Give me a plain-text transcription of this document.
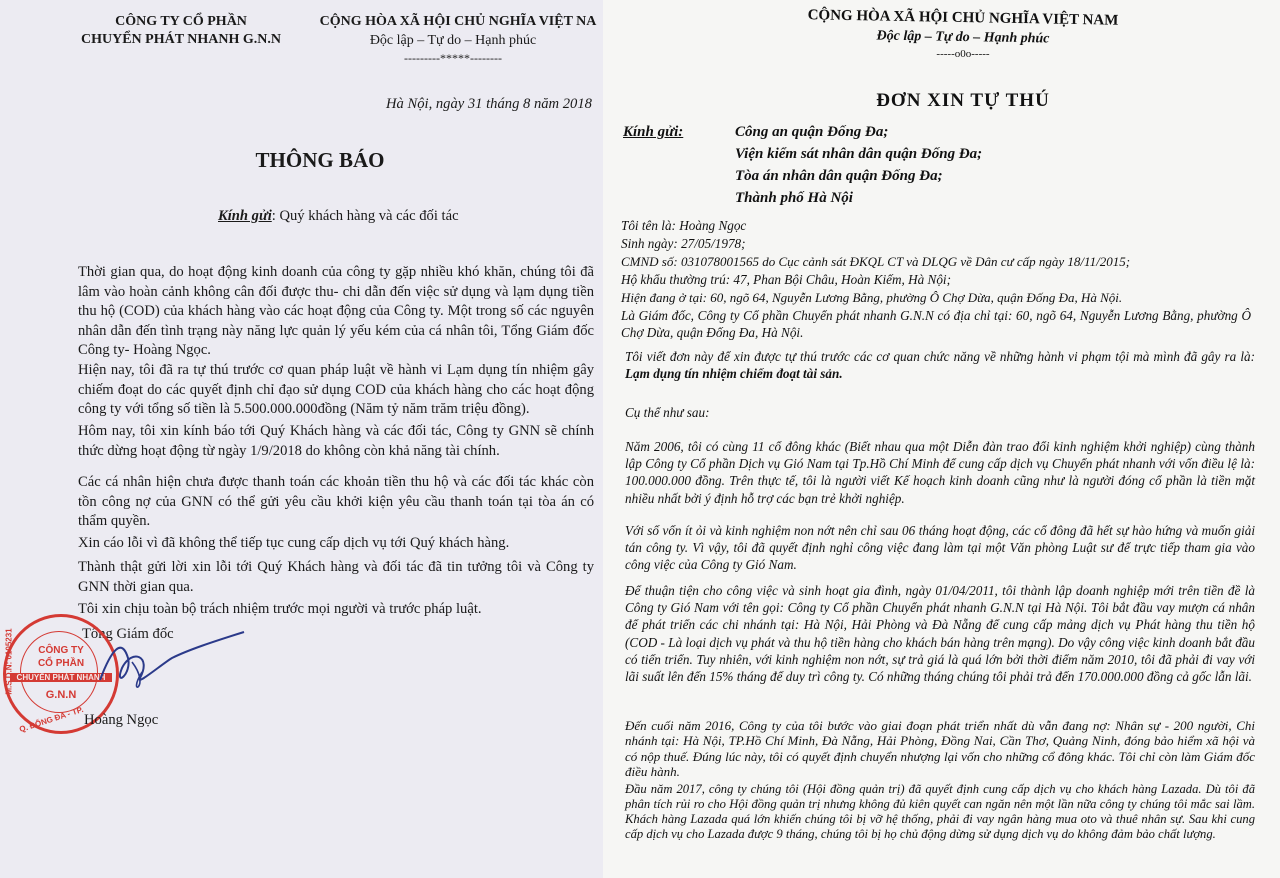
CÔNG TY CỔ PHẦN
CHUYỂN PHÁT NHANH G.N.N
CỘNG HÒA XÃ HỘI CHỦ NGHĨA VIỆT NA
Độc lập – Tự do – Hạnh phúc
---------*****--------
Hà Nội, ngày 31 tháng 8 năm 2018
THÔNG BÁO
Kính gửi: Quý khách hàng và các đối tác
Thời gian qua, do hoạt động kinh doanh của công ty gặp nhiều khó khăn, chúng tôi đã lâm vào hoàn cảnh không cân đối được thu- chi dẫn đến việc sử dụng và lạm dụng tiền thu hộ (COD) của khách hàng vào các hoạt động của Công ty. Một trong số các nguyên nhân dẫn đến tình trạng này năng lực quản lý yếu kém của cá nhân tôi, Tổng Giám đốc Công ty- Hoàng Ngọc.
Hiện nay, tôi đã ra tự thú trước cơ quan pháp luật về hành vi Lạm dụng tín nhiệm gây chiếm đoạt do các quyết định chỉ đạo sử dụng COD của khách hàng cho các hoạt động công ty với tổng số tiền là 5.500.000.000đồng (Năm tỷ năm trăm triệu đồng).
Hôm nay, tôi xin kính báo tới Quý Khách hàng và các đối tác, Công ty GNN sẽ chính thức dừng hoạt động từ ngày 1/9/2018 do không còn khả năng tài chính.
Các cá nhân hiện chưa được thanh toán các khoản tiền thu hộ và các đối tác khác còn tồn công nợ của GNN có thể gửi yêu cầu khởi kiện yêu cầu thanh toán tại tòa án có thẩm quyền.
Xin cáo lỗi vì đã không thể tiếp tục cung cấp dịch vụ tới Quý khách hàng.
Thành thật gửi lời xin lỗi tới Quý Khách hàng và đối tác đã tin tưởng tôi và Công ty GNN thời gian qua.
Tôi xin chịu toàn bộ trách nhiệm trước mọi người và trước pháp luật.
Tổng Giám đốc
CÔNG TY
CỔ PHẦN
CHUYỂN PHÁT NHANH
G.N.N
M.S.D.N: 0105231
Q. ĐỐNG ĐA - TP. Hoàng Ngọc
CỘNG HÒA XÃ HỘI CHỦ NGHĨA VIỆT NAM
Độc lập – Tự do – Hạnh phúc
-----o0o-----
ĐƠN XIN TỰ THÚ
Kính gửi:	Công an quận Đống Đa;
Viện kiểm sát nhân dân quận Đống Đa;
Tòa án nhân dân quận Đống Đa;
Thành phố Hà Nội
Tôi tên là: Hoàng Ngọc
Sinh ngày: 27/05/1978;
CMND số: 031078001565 do Cục cảnh sát ĐKQL CT và DLQG về Dân cư cấp ngày 18/11/2015;
Hộ khẩu thường trú: 47, Phan Bội Châu, Hoàn Kiếm, Hà Nội;
Hiện đang ở tại: 60, ngõ 64, Nguyễn Lương Bằng, phường Ô Chợ Dừa, quận Đống Đa, Hà Nội.
Là Giám đốc, Công ty Cổ phần Chuyển phát nhanh G.N.N có địa chỉ tại: 60, ngõ 64, Nguyễn Lương Bằng, phường Ô Chợ Dừa, quận Đống Đa, Hà Nội.
Tôi viết đơn này để xin được tự thú trước các cơ quan chức năng về những hành vi phạm tội mà mình đã gây ra là: Lạm dụng tín nhiệm chiếm đoạt tài sản.
Cụ thể như sau:
Năm 2006, tôi có cùng 11 cổ đông khác (Biết nhau qua một Diễn đàn trao đổi kinh nghiệm khởi nghiệp) cùng thành lập Công ty Cổ phần Dịch vụ Gió Nam tại Tp.Hồ Chí Minh để cung cấp dịch vụ Chuyển phát nhanh với vốn điều lệ là: 100.000.000 đồng. Trên thực tế, tôi là người viết Kế hoạch kinh doanh cũng như là người đóng cổ phần là tiền mặt nhiều nhất bởi ý định hỗ trợ các bạn trẻ khởi nghiệp.
Với số vốn ít ỏi và kinh nghiệm non nớt nên chỉ sau 06 tháng hoạt động, các cổ đông đã hết sự hào hứng và muốn giải tán công ty. Vì vậy, tôi đã quyết định nghỉ công việc đang làm tại một Văn phòng Luật sư để trực tiếp tham gia vào công việc của Công ty Gió Nam.
Để thuận tiện cho công việc và sinh hoạt gia đình, ngày 01/04/2011, tôi thành lập doanh nghiệp mới trên tiền đề là Công ty Gió Nam với tên gọi: Công ty Cổ phần Chuyển phát nhanh G.N.N tại Hà Nội. Tôi bắt đầu vay mượn cá nhân để phát triển các chi nhánh tại: Hà Nội, Hải Phòng và Đà Nẵng để cung cấp mảng dịch vụ Phát hàng thu tiền hộ (COD - Là loại dịch vụ phát và thu hộ tiền hàng cho khách bán hàng trên mạng). Do vậy công việc kinh doanh bắt đầu có tiến triển. Tuy nhiên, với kinh nghiệm non nớt, sự trả giá là quá lớn bởi thời điểm năm 2010, tôi đã phải đi vay với lãi suất lên đến 15% tháng để duy trì công ty. Có những tháng chúng tôi phải trả đến 170.000.000 đồng cả gốc lẫn lãi.
Đến cuối năm 2016, Công ty của tôi bước vào giai đoạn phát triển nhất dù vẫn đang nợ: Nhân sự - 200 người, Chi nhánh tại: Hà Nội, TP.Hồ Chí Minh, Đà Nẵng, Hải Phòng, Đồng Nai, Cần Thơ, Quảng Ninh, đóng bảo hiểm xã hội và có nộp thuế. Đúng lúc này, tôi có quyết định chuyển nhượng lại vốn cho những cổ đông khác. Tôi chỉ còn làm Giám đốc điều hành.
Đầu năm 2017, công ty chúng tôi (Hội đồng quản trị) đã quyết định cung cấp dịch vụ cho khách hàng Lazada. Dù tôi đã phân tích rủi ro cho Hội đồng quản trị nhưng không đủ kiên quyết can ngăn nên một lần nữa công ty chúng tôi mắc sai lầm. Khách hàng Lazada quá lớn khiến chúng tôi bị vỡ hệ thống, phải đi vay ngân hàng mua oto và thuê nhân sự. Sau khi cung cấp dịch vụ cho Lazada được 9 tháng, chúng tôi bị họ chủ động dừng sử dụng dịch vụ do không đảm bảo chất lượng.
